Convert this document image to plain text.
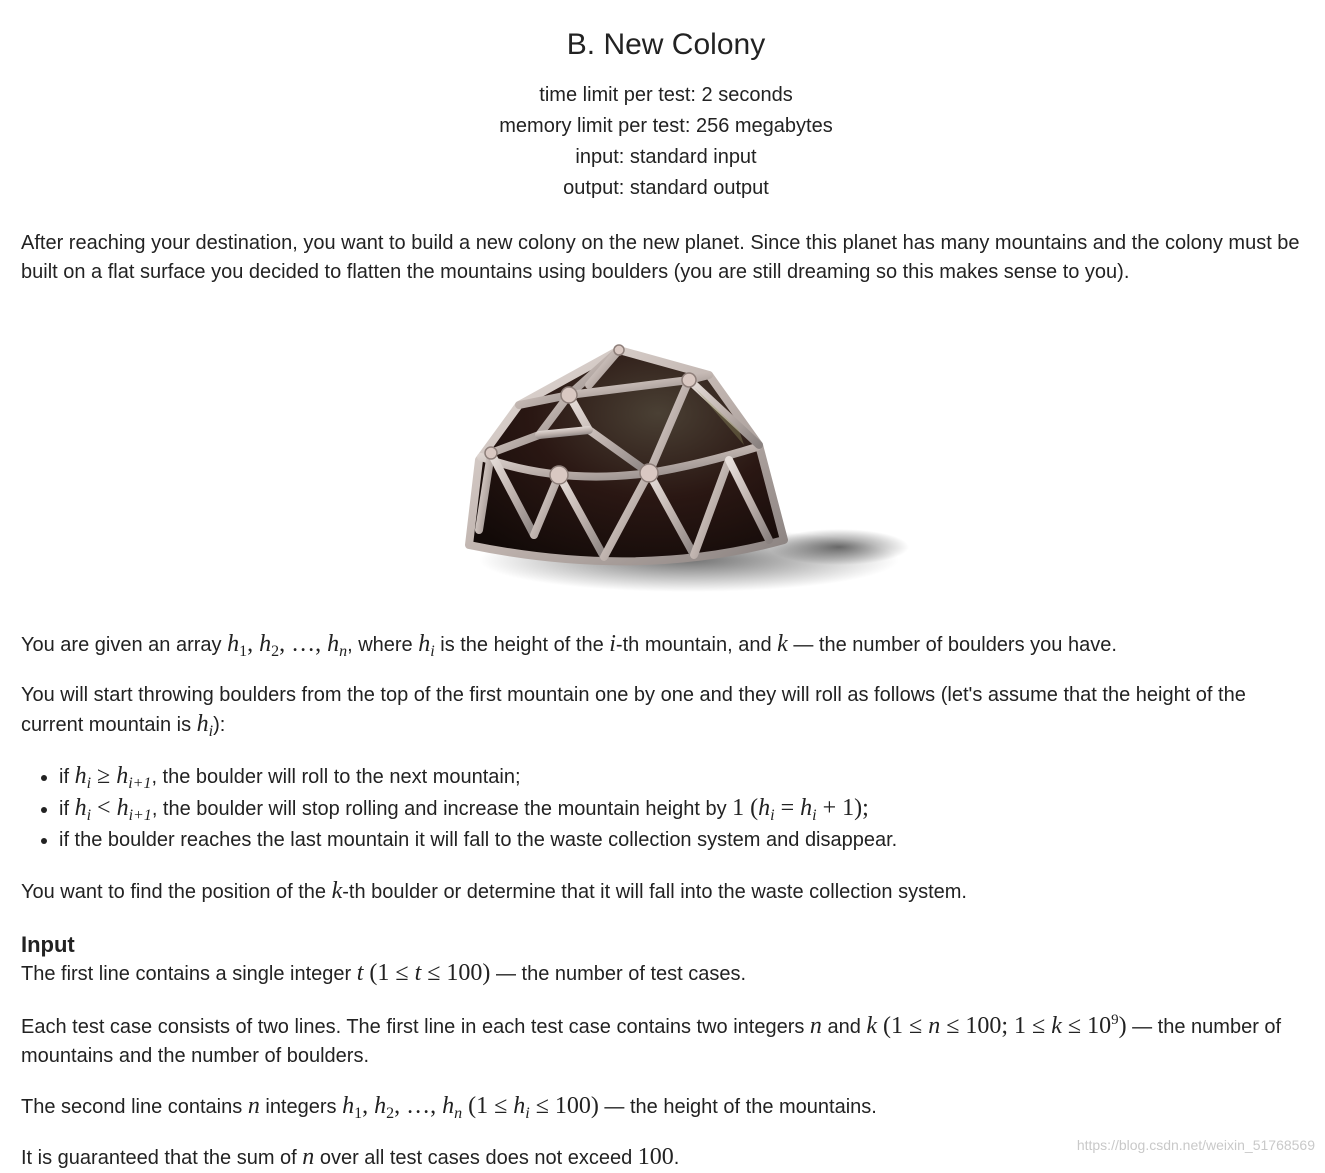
B. New Colony
time limit per test: 2 seconds
memory limit per test: 256 megabytes
input: standard input
output: standard output

After reaching your destination, you want to build a new colony on the new planet. Since this planet has many mountains and the colony must be built on a flat surface you decided to flatten the mountains using boulders (you are still dreaming so this makes sense to you).

You are given an array $h_1$, $h_2$, …, $h_n$, where $h_i$ is the height of the i-th mountain, and k — the number of boulders you have.

You will start throwing boulders from the top of the first mountain one by one and they will roll as follows (let's assume that the height of the current mountain is $h_i$):

• if $h_i \ge h_{i+1}$, the boulder will roll to the next mountain;
• if $h_i < h_{i+1}$, the boulder will stop rolling and increase the mountain height by 1 $(h_i = h_i + 1)$;
• if the boulder reaches the last mountain it will fall to the waste collection system and disappear.

You want to find the position of the k-th boulder or determine that it will fall into the waste collection system.

Input

The first line contains a single integer t (1 ≤ t ≤ 100) — the number of test cases.

Each test case consists of two lines. The first line in each test case contains two integers n and k (1 ≤ n ≤ 100; $1 \le k \le 10^9$) — the number of mountains and the number of boulders.

The second line contains n integers $h_1$, $h_2$, …, $h_n$ $(1 \le h_i \le 100)$ — the height of the mountains.

It is guaranteed that the sum of n over all test cases does not exceed 100.

https://blog.csdn.net/weixin_51768569
